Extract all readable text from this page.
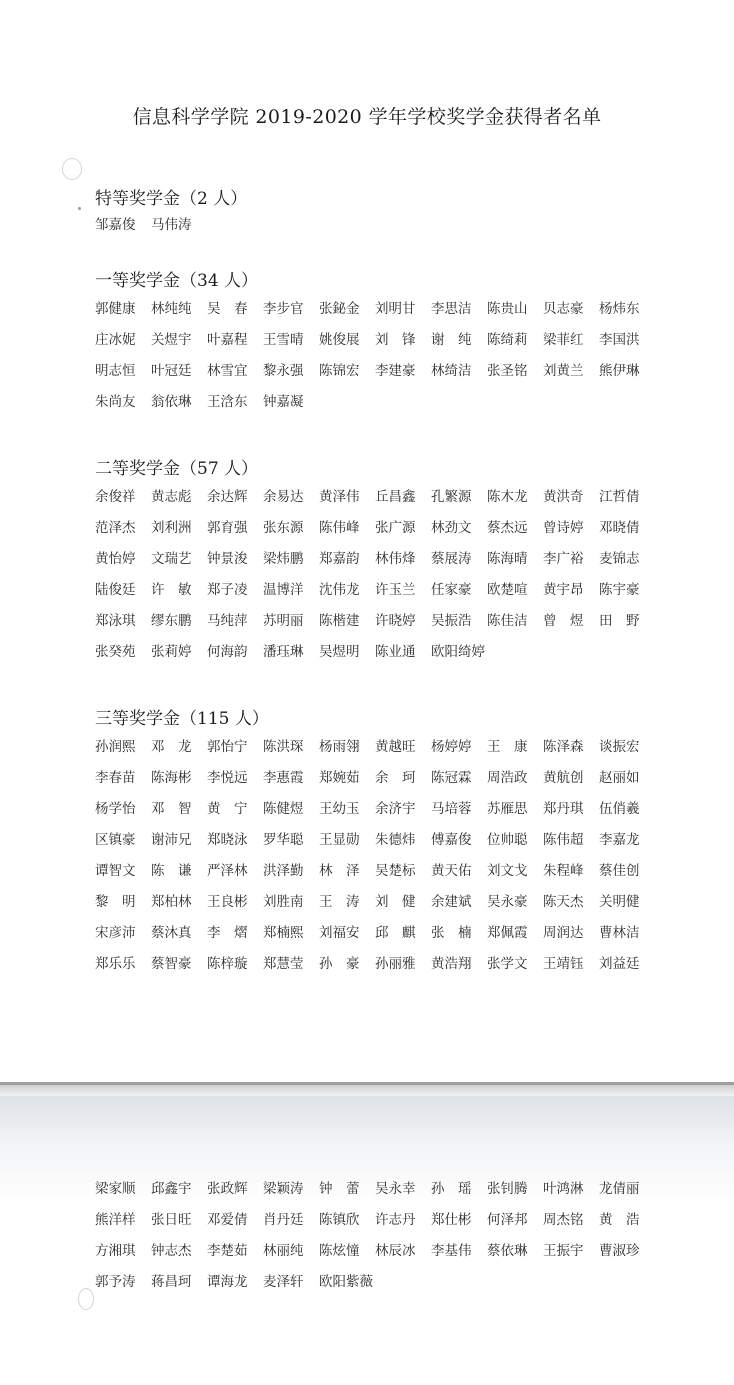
信息科学学院 2019-2020 学年学校奖学金获得者名单
特等奖学金（2 人）
邹嘉俊	马伟涛
一等奖学金（34 人）
郭健康	林纯纯	吴　春	李步官	张鉍金	刘明甘	李思洁	陈贵山	贝志豪	杨炜东
庄冰妮	关煜宇	叶嘉程	王雪晴	姚俊展	刘　锋	谢　纯	陈绮莉	梁菲红	李国洪
明志恒	叶冠廷	林雪宜	黎永强	陈锦宏	李建豪	林绮洁	张圣铭	刘黄兰	熊伊琳
朱尚友	翁依琳	王浛东	钟嘉凝
二等奖学金（57 人）
余俊祥	黄志彪	余达辉	余易达	黄泽伟	丘昌鑫	孔繁源	陈木龙	黄洪奇	江哲倩
范泽杰	刘利洲	郭育强	张东源	陈伟峰	张广源	林劲文	蔡杰远	曾诗婷	邓晓倩
黄怡婷	文瑞艺	钟景浚	梁炜鹏	郑嘉韵	林伟烽	蔡展涛	陈海晴	李广裕	麦锦志
陆俊廷	许　敏	郑子凌	温博洋	沈伟龙	许玉兰	任家豪	欧楚喧	黄宇昂	陈宇豪
郑泳琪	缪东鹏	马纯萍	苏明丽	陈楷建	许晓婷	吴振浩	陈佳洁	曾　煜	田　野
张癸苑	张莉婷	何海韵	潘珏琳	吴煜明	陈业通	欧阳绮婷
三等奖学金（115 人）
孙润熙	邓　龙	郭怡宁	陈洪琛	杨雨翎	黄越旺	杨婷婷	王　康	陈泽森	谈振宏
李春苗	陈海彬	李悦远	李惠霞	郑婉茹	余　珂	陈冠霖	周浩政	黄航创	赵丽如
杨学怡	邓　智	黄　宁	陈健煜	王幼玉	余济宇	马培蓉	苏雁思	郑丹琪	伍俏羲
区镇豪	谢沛兄	郑晓泳	罗华聪	王显勋	朱德炜	傅嘉俊	位帅聪	陈伟超	李嘉龙
谭智文	陈　谦	严泽林	洪泽勤	林　泽	吴楚标	黄天佑	刘文戈	朱程峰	蔡佳创
黎　明	郑柏林	王良彬	刘胜南	王　涛	刘　健	余建斌	吴永豪	陈天杰	关明健
宋彦沛	蔡沐真	李　熠	郑楠熙	刘福安	邱　麒	张　楠	郑佩霞	周润达	曹林洁
郑乐乐	蔡智豪	陈梓璇	郑慧莹	孙　豪	孙丽雅	黄浩翔	张学文	王靖钰	刘益廷
梁家顺	邱鑫宇	张政辉	梁颖涛	钟　蕾	吴永幸	孙　瑶	张钊腾	叶鸿淋	龙倩丽
熊洋样	张日旺	邓爱倩	肖丹廷	陈镇欣	许志丹	郑仕彬	何泽邦	周杰铭	黄　浩
方湘琪	钟志杰	李楚茹	林丽纯	陈炫憧	林辰冰	李基伟	蔡依琳	王振宇	曹淑珍
郭予涛	蒋昌珂	谭海龙	麦泽轩	欧阳紫薇
